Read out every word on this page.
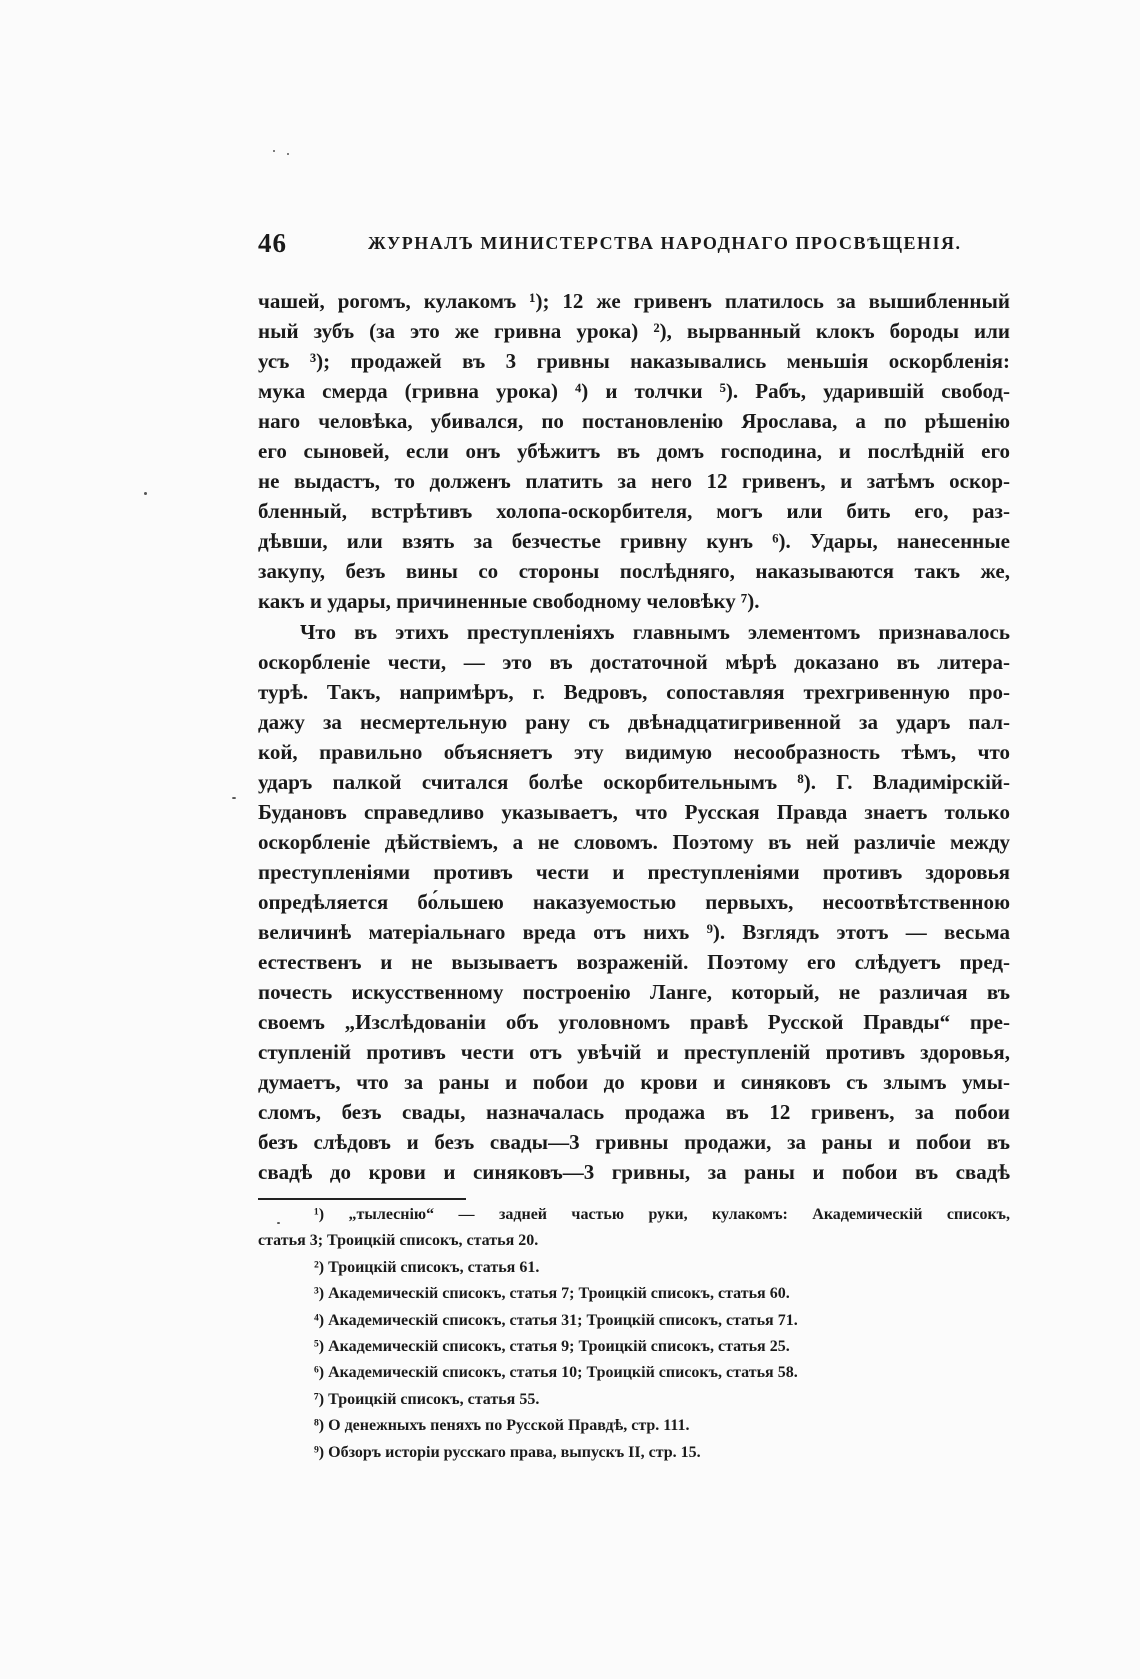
46	ЖУРНАЛЪ МИНИСТЕРСТВА НАРОДНАГО ПРОСВѢЩЕНІЯ.
чашей, рогомъ, кулакомъ ¹); 12 же гривенъ платилось за вышибленный
ный зубъ (за это же гривна урока) ²), вырванный клокъ бороды или
усъ ³); продажей въ 3 гривны наказывались меньшія оскорбленія:
мука смерда (гривна урока) ⁴) и толчки ⁵). Рабъ, ударившій свобод-
наго человѣка, убивался, по постановленію Ярослава, а по рѣшенію
его сыновей, если онъ убѣжитъ въ домъ господина, и послѣдній его
не выдастъ, то долженъ платить за него 12 гривенъ, и затѣмъ оскор-
бленный, встрѣтивъ холопа-оскорбителя, могъ или бить его, раз-
дѣвши, или взять за безчестье гривну кунъ ⁶). Удары, нанесенные
закупу, безъ вины со стороны послѣдняго, наказываются такъ же,
какъ и удары, причиненные свободному человѣку ⁷).
Что въ этихъ преступленіяхъ главнымъ элементомъ признавалось
оскорбленіе чести, — это въ достаточной мѣрѣ доказано въ литера-
турѣ. Такъ, напримѣръ, г. Ведровъ, сопоставляя трехгривенную про-
дажу за несмертельную рану съ двѣнадцатигривенной за ударъ пал-
кой, правильно объясняетъ эту видимую несообразность тѣмъ, что
ударъ палкой считался болѣе оскорбительнымъ ⁸). Г. Владимірскій-
Будановъ справедливо указываетъ, что Русская Правда знаетъ только
оскорбленіе дѣйствіемъ, а не словомъ. Поэтому въ ней различіе между
преступленіями противъ чести и преступленіями противъ здоровья
опредѣляется бо́льшею наказуемостью первыхъ, несоотвѣтственною
величинѣ матеріальнаго вреда отъ нихъ ⁹). Взглядъ этотъ — весьма
естественъ и не вызываетъ возраженій. Поэтому его слѣдуетъ пред-
почесть искусственному построенію Ланге, который, не различая въ
своемъ „Изслѣдованіи объ уголовномъ правѣ Русской Правды“ пре-
ступленій противъ чести отъ увѣчій и преступленій противъ здоровья,
думаетъ, что за раны и побои до крови и синяковъ съ злымъ умы-
сломъ, безъ свады, назначалась продажа въ 12 гривенъ, за побои
безъ слѣдовъ и безъ свады—3 гривны продажи, за раны и побои въ
свадѣ до крови и синяковъ—3 гривны, за раны и побои въ свадѣ
¹) „тылеснію“ — задней частью руки, кулакомъ: Академическій списокъ,
статья 3; Троицкій списокъ, статья 20.
²) Троицкій списокъ, статья 61.
³) Академическій списокъ, статья 7; Троицкій списокъ, статья 60.
⁴) Академическій списокъ, статья 31; Троицкій списокъ, статья 71.
⁵) Академическій списокъ, статья 9; Троицкій списокъ, статья 25.
⁶) Академическій списокъ, статья 10; Троицкій списокъ, статья 58.
⁷) Троицкій списокъ, статья 55.
⁸) О денежныхъ пеняхъ по Русской Правдѣ, стр. 111.
⁹) Обзоръ исторіи русскаго права, выпускъ II, стр. 15.
